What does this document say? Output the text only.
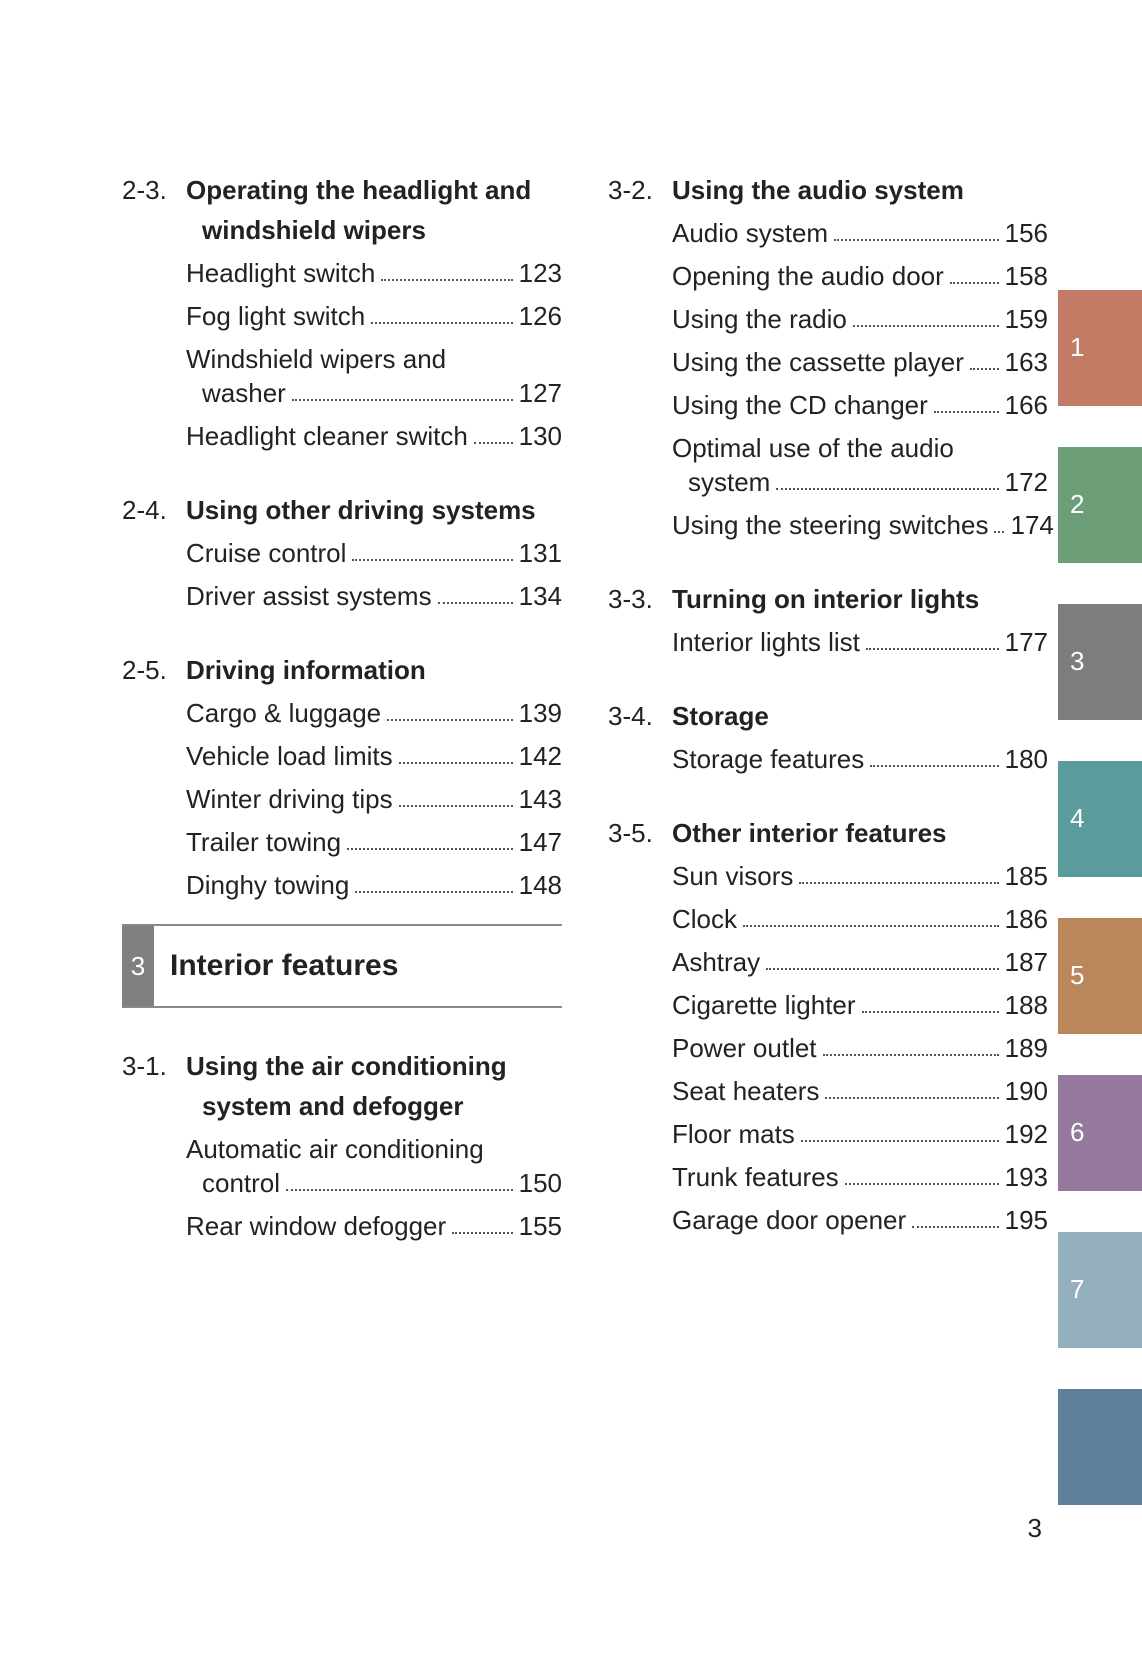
2-3. Operating the headlight and
windshield wipers
Headlight switch	123
Fog light switch	126
Windshield wipers and
washer	127
Headlight cleaner switch 130
2-4. Using other driving systems
Cruise control	131
Driver assist systems	134
2-5. Driving information
Cargo & luggage	139
Vehicle load limits	142
Winter driving tips	143
Trailer towing	147
Dinghy towing	148
3 Interior features
3-1. Using the air conditioning
system and defogger
Automatic air conditioning
control	150
Rear window defogger	155
3-2. Using the audio system
Audio system	156
Opening the audio door 158
Using the radio	159
Using the cassette player 163
Using the CD changer	166
Optimal use of the audio
system	172
Using the steering switches 174
3-3. Turning on interior lights
Interior lights list	177
3-4. Storage
Storage features	180
3-5. Other interior features
Sun visors	185
Clock	186
Ashtray	187
Cigarette lighter	188
Power outlet	189
Seat heaters	190
Floor mats	192
Trunk features	193
Garage door opener	195
1
2
3
4
5
6
7
3
